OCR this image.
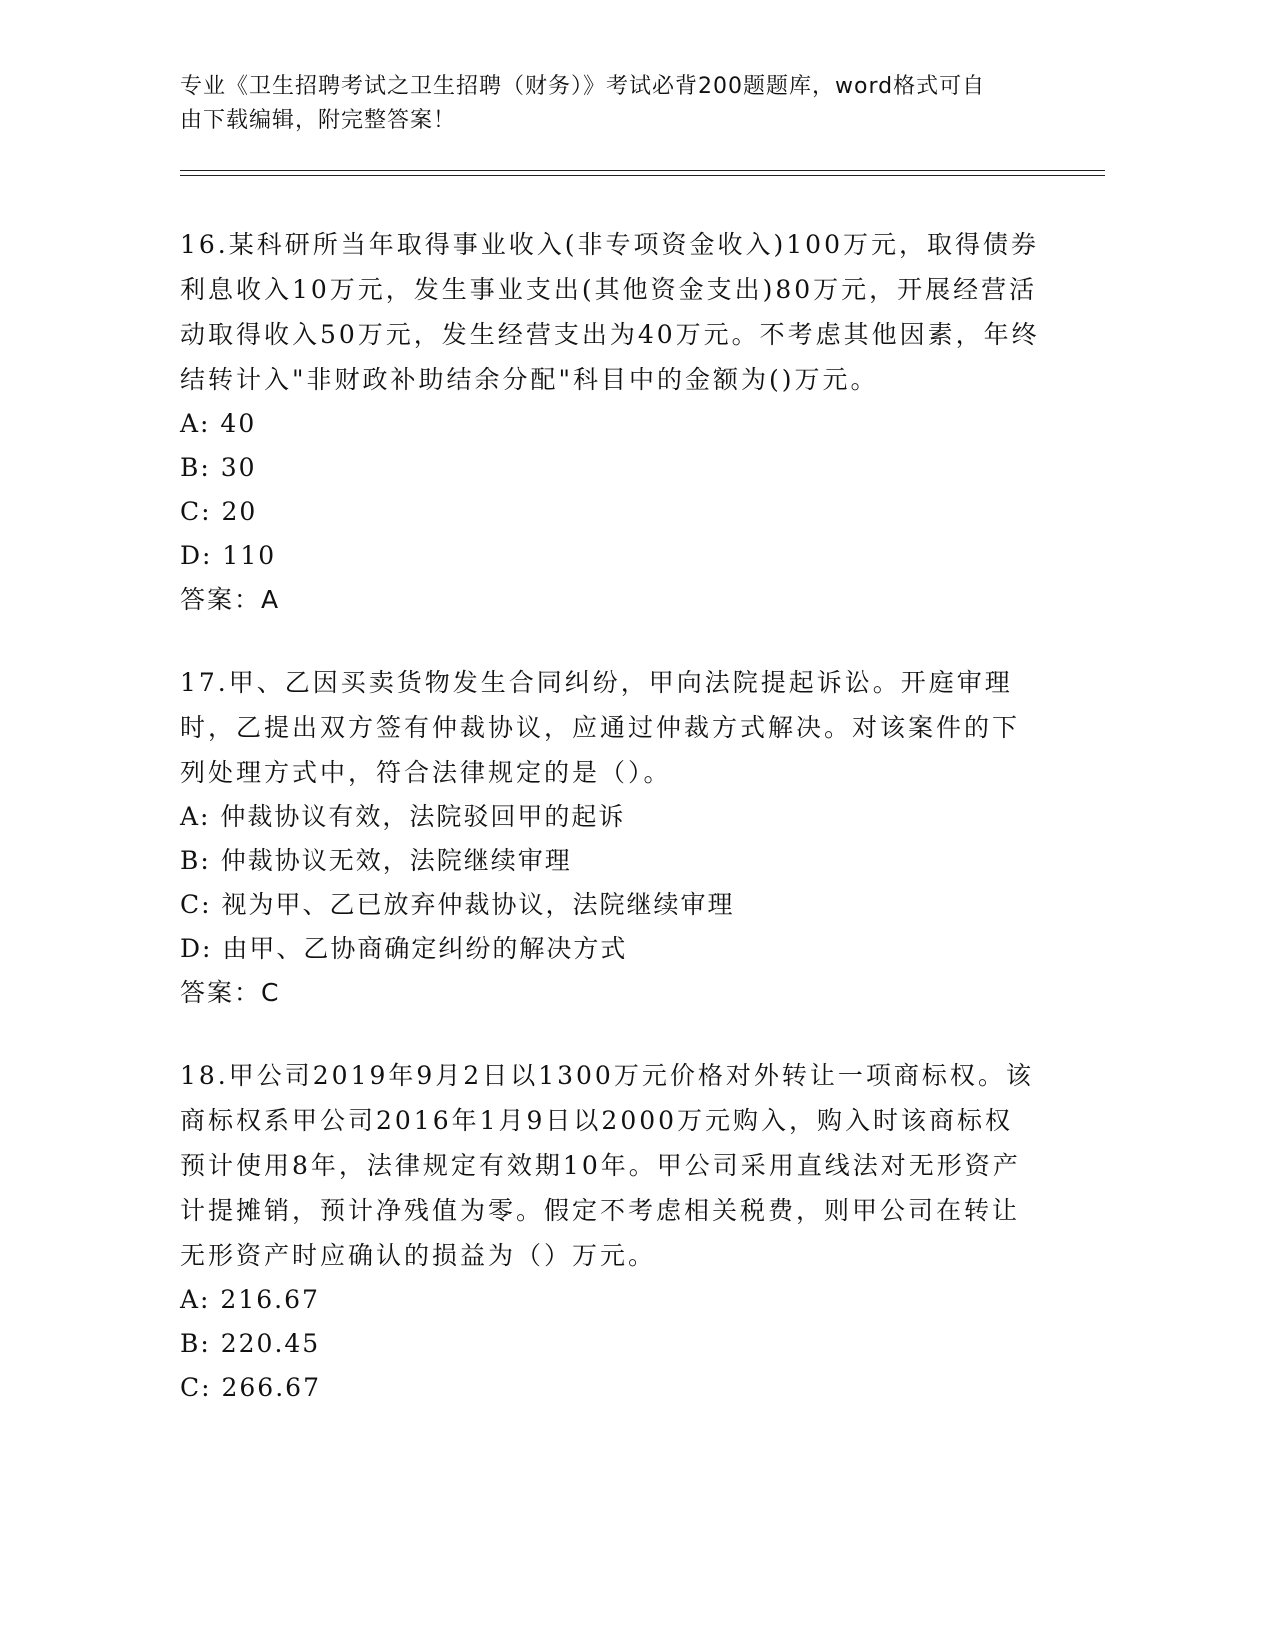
专业《卫生招聘考试之卫生招聘（财务）》考试必背200题题库，word格式可自
由下载编辑，附完整答案！

16.某科研所当年取得事业收入(非专项资金收入)100万元，取得债券利息收入10万元，发生事业支出(其他资金支出)80万元，开展经营活动取得收入50万元，发生经营支出为40万元。不考虑其他因素，年终结转计入"非财政补助结余分配"科目中的金额为()万元。

A: 40
B: 30
C: 20
D: 110
答案：A

17.甲、乙因买卖货物发生合同纠纷，甲向法院提起诉讼。开庭审理时，乙提出双方签有仲裁协议，应通过仲裁方式解决。对该案件的下列处理方式中，符合法律规定的是（）。

A: 仲裁协议有效，法院驳回甲的起诉
B: 仲裁协议无效，法院继续审理
C: 视为甲、乙已放弃仲裁协议，法院继续审理
D: 由甲、乙协商确定纠纷的解决方式
答案：C

18.甲公司2019年9月2日以1300万元价格对外转让一项商标权。该商标权系甲公司2016年1月9日以2000万元购入，购入时该商标权预计使用8年，法律规定有效期10年。甲公司采用直线法对无形资产计提摊销，预计净残值为零。假定不考虑相关税费，则甲公司在转让无形资产时应确认的损益为（）万元。

A: 216.67
B: 220.45
C: 266.67
